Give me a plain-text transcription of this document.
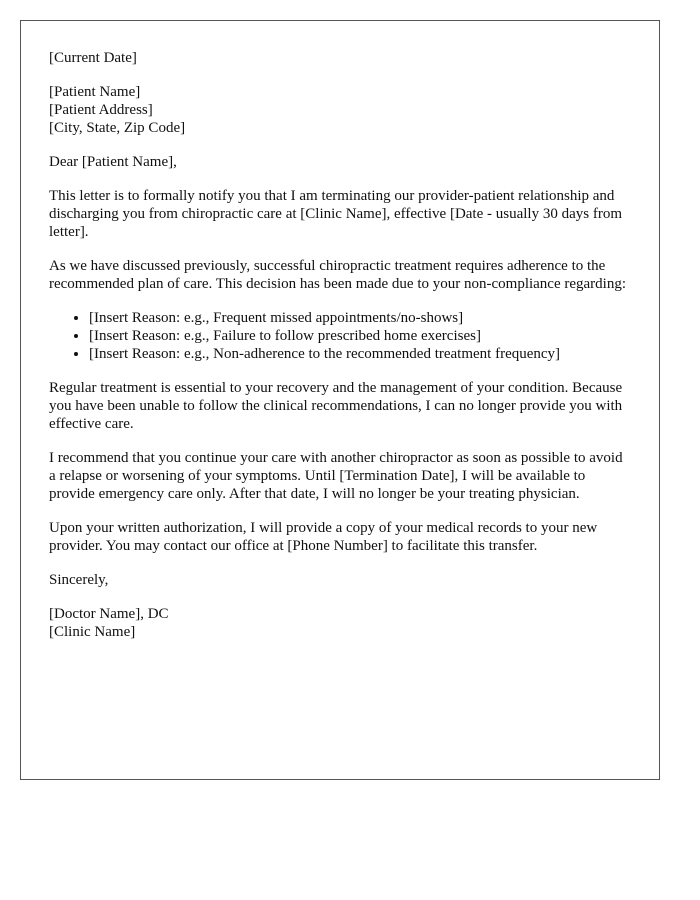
[Current Date]
[Patient Name]
[Patient Address]
[City, State, Zip Code]

Dear [Patient Name],

This letter is to formally notify you that I am terminating our provider-patient relationship and discharging you from chiropractic care at [Clinic Name], effective [Date - usually 30 days from letter].

As we have discussed previously, successful chiropractic treatment requires adherence to the recommended plan of care. This decision has been made due to your non-compliance regarding:

• [Insert Reason: e.g., Frequent missed appointments/no-shows]
• [Insert Reason: e.g., Failure to follow prescribed home exercises]
• [Insert Reason: e.g., Non-adherence to the recommended treatment frequency]

Regular treatment is essential to your recovery and the management of your condition. Because you have been unable to follow the clinical recommendations, I can no longer provide you with effective care.

I recommend that you continue your care with another chiropractor as soon as possible to avoid a relapse or worsening of your symptoms. Until [Termination Date], I will be available to provide emergency care only. After that date, I will no longer be your treating physician.

Upon your written authorization, I will provide a copy of your medical records to your new provider. You may contact our office at [Phone Number] to facilitate this transfer.

Sincerely,

[Doctor Name], DC
[Clinic Name]
